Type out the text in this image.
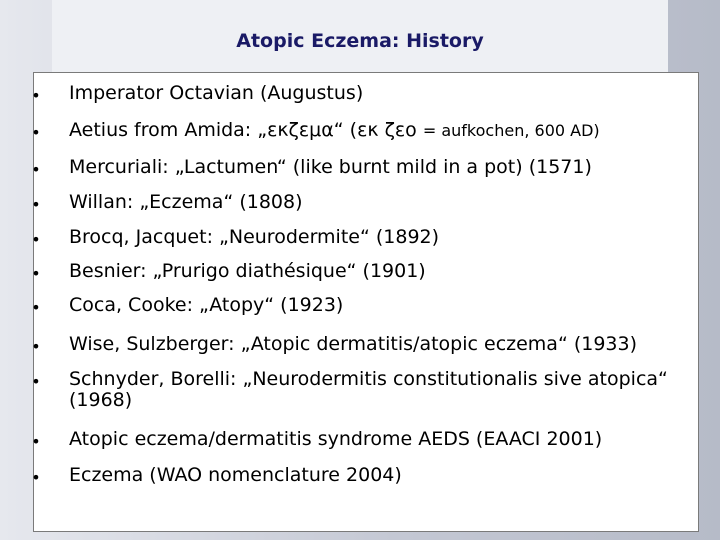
Atopic Eczema: History
• Imperator Octavian (Augustus)
• Aetius from Amida: „εκζεμα“ (εκ ζεο = aufkochen, 600 AD)
• Mercuriali: „Lactumen“ (like burnt mild in a pot) (1571)
• Willan: „Eczema“ (1808)
• Brocq, Jacquet: „Neurodermite“ (1892)
• Besnier: „Prurigo diathésique“ (1901)
• Coca, Cooke: „Atopy“ (1923)
• Wise, Sulzberger: „Atopic dermatitis/atopic eczema“ (1933)
• Schnyder, Borelli: „Neurodermitis constitutionalis sive atopica“ (1968)
• Atopic eczema/dermatitis syndrome AEDS (EAACI 2001)
• Eczema (WAO nomenclature 2004)
